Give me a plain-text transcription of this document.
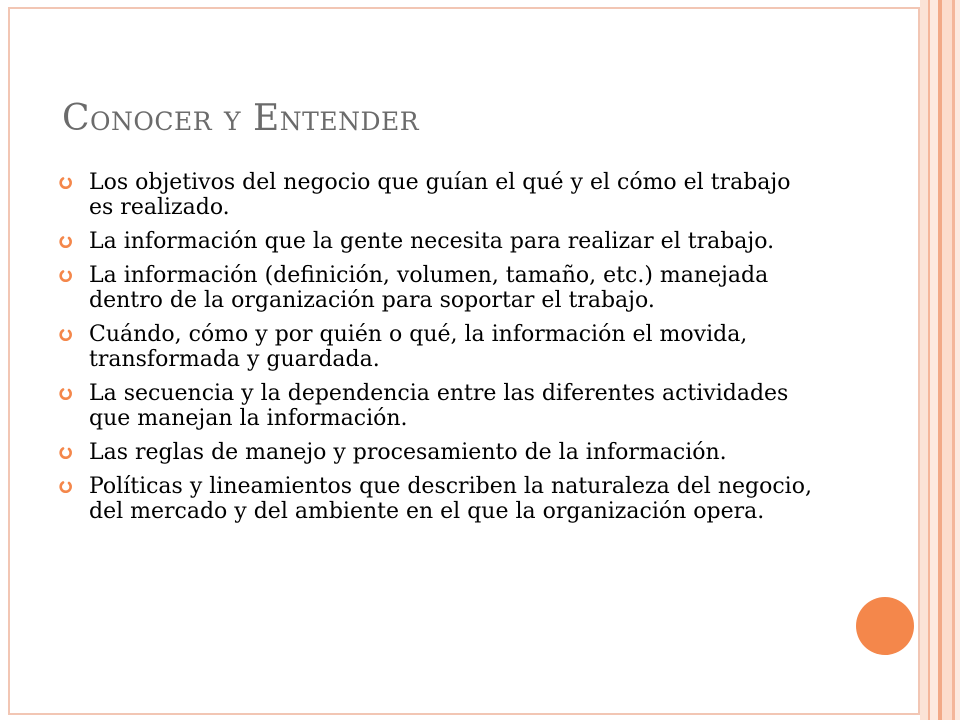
Conocer y Entender
Los objetivos del negocio que guían el qué y el cómo el trabajo es realizado.
La información que la gente necesita para realizar el trabajo.
La información (definición, volumen, tamaño, etc.) manejada dentro de la organización para soportar el trabajo.
Cuándo, cómo y por quién o qué, la información el movida, transformada y guardada.
La secuencia y la dependencia entre las diferentes actividades que manejan la información.
Las reglas de manejo y procesamiento de la información.
Políticas y lineamientos que describen la naturaleza del negocio, del mercado y del ambiente en el que la organización opera.
